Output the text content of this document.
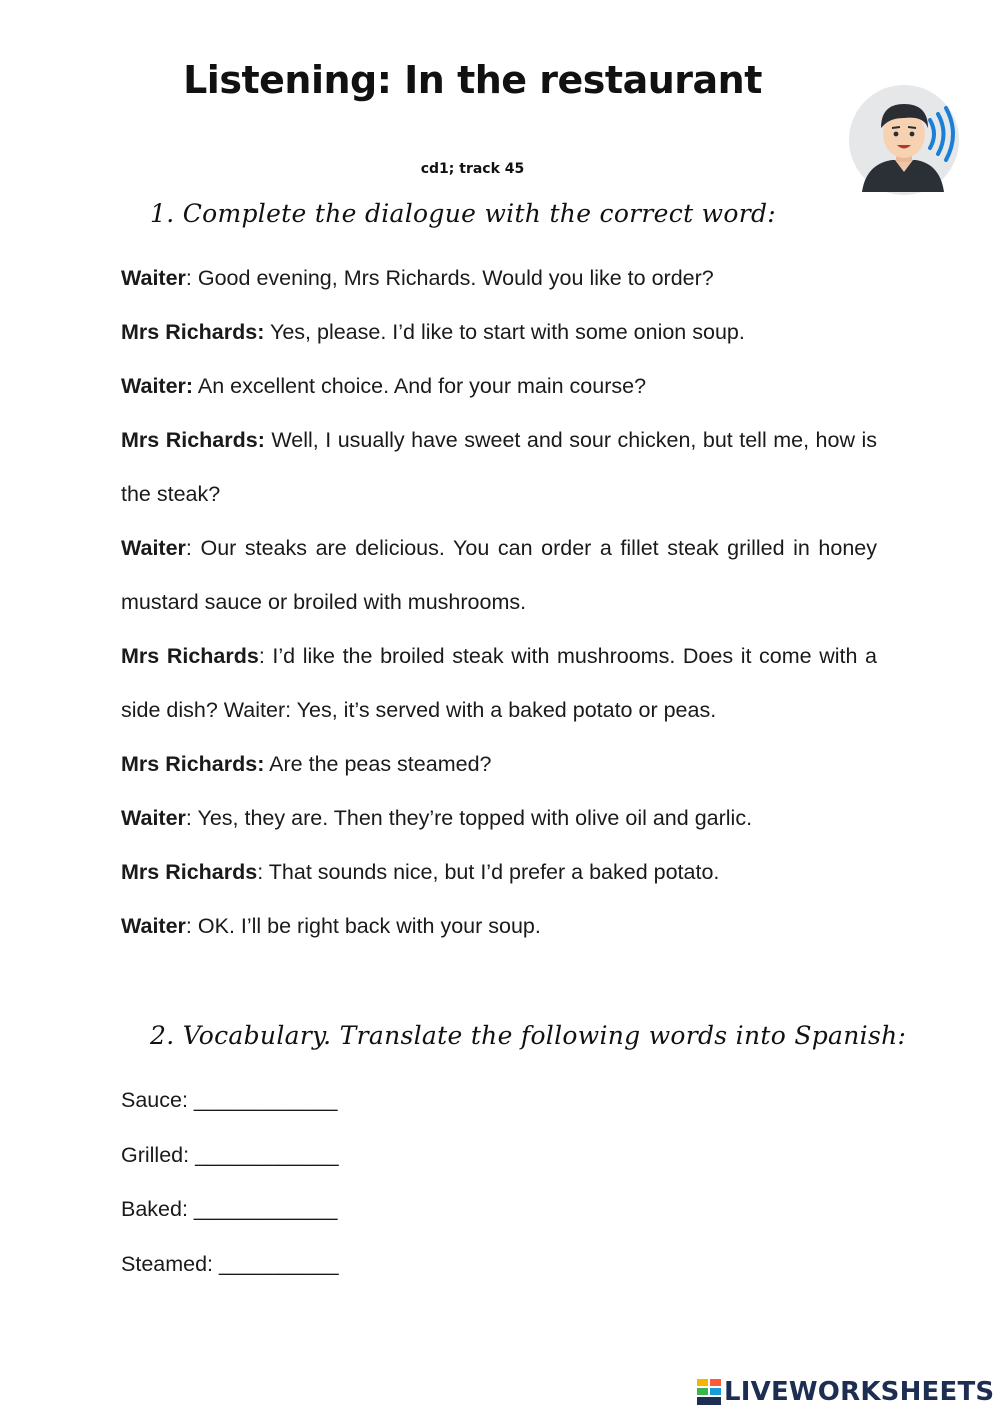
Listening: In the restaurant
cd1; track 45
1. Complete the dialogue with the correct word:
Waiter: Good evening, Mrs Richards. Would you like to order?
Mrs Richards: Yes, please. I’d like to start with some onion soup.
Waiter: An excellent choice. And for your main course?
Mrs Richards: Well, I usually have sweet and sour chicken, but tell me, how is the steak?
Waiter: Our steaks are delicious. You can order a fillet steak grilled in honey mustard sauce or broiled with mushrooms.
Mrs Richards: I’d like the broiled steak with mushrooms. Does it come with a side dish? Waiter: Yes, it’s served with a baked potato or peas.
Mrs Richards: Are the peas steamed?
Waiter: Yes, they are. Then they’re topped with olive oil and garlic.
Mrs Richards: That sounds nice, but I’d prefer a baked potato.
Waiter: OK. I’ll be right back with your soup.
2. Vocabulary. Translate the following words into Spanish:
Sauce: ____________
Grilled: ____________
Baked: ____________
Steamed: __________
LIVEWORKSHEETS
